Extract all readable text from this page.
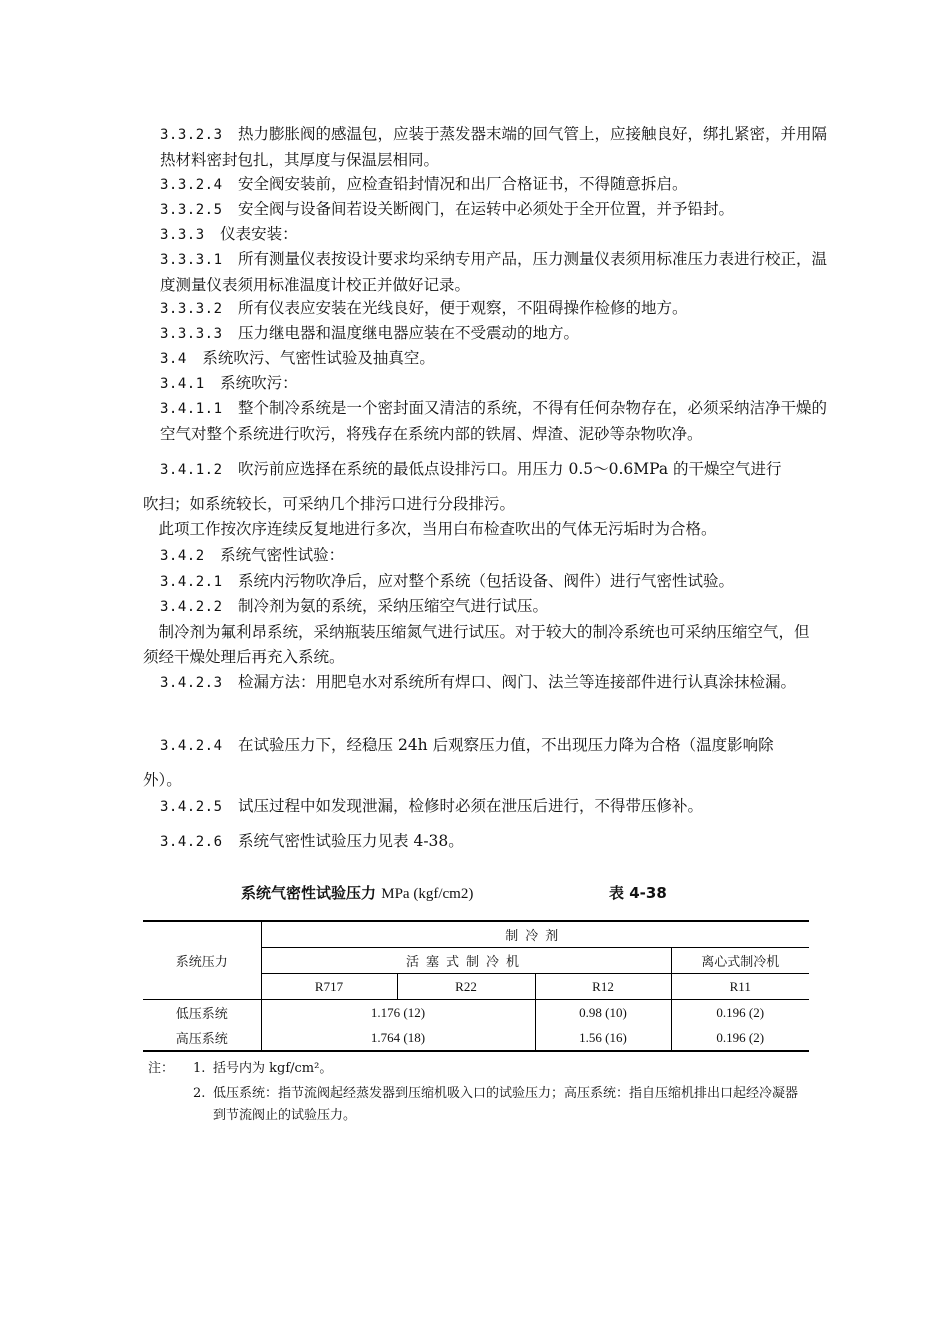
3.3.2.3　 热力膨胀阀的感温包，应装于蒸发器末端的回气管上，应接触良好，绑扎紧密，并用隔热材料密封包扎，其厚度与保温层相同。

3.3.2.4　 安全阀安装前，应检查铅封情况和出厂合格证书，不得随意拆启。

3.3.2.5　 安全阀与设备间若设关断阀门，在运转中必须处于全开位置，并予铅封。

3.3.3　 仪表安装：

3.3.3.1　 所有测量仪表按设计要求均采纳专用产品，压力测量仪表须用标准压力表进行校正，温度测量仪表须用标准温度计校正并做好记录。

3.3.3.2　 所有仪表应安装在光线良好，便于观察，不阻碍操作检修的地方。

3.3.3.3　 压力继电器和温度继电器应装在不受震动的地方。

3.4　 系统吹污、气密性试验及抽真空。

3.4.1　 系统吹污：

3.4.1.1　 整个制冷系统是一个密封面又清洁的系统，不得有任何杂物存在，必须采纳洁净干燥的空气对整个系统进行吹污，将残存在系统内部的铁屑、焊渣、泥砂等杂物吹净。

3.4.1.2　 吹污前应选择在系统的最低点设排污口。用压力 0.5～0.6MPa 的干燥空气进行

吹扫；如系统较长，可采纳几个排污口进行分段排污。

　此项工作按次序连续反复地进行多次，当用白布检查吹出的气体无污垢时为合格。

3.4.2　 系统气密性试验：

3.4.2.1　 系统内污物吹净后，应对整个系统（包括设备、阀件）进行气密性试验。

3.4.2.2　 制冷剂为氨的系统，采纳压缩空气进行试压。

　制冷剂为氟利昂系统，采纳瓶装压缩氮气进行试压。对于较大的制冷系统也可采纳压缩空气，但须经干燥处理后再充入系统。

3.4.2.3　 检漏方法：用肥皂水对系统所有焊口、阀门、法兰等连接部件进行认真涂抹检漏。

3.4.2.4　 在试验压力下，经稳压 24h 后观察压力值，不出现压力降为合格（温度影响除

外）。

3.4.2.5　 试压过程中如发现泄漏，检修时必须在泄压后进行，不得带压修补。

3.4.2.6　 系统气密性试验压力见表 4-38。

系统气密性试验压力 MPa (kgf/cm2)	表 4-38
系统压力	制冷剂			
	活塞式制冷机			离心式制冷机
	R717	R22	R12	R11
低压系统	1.176 (12)		0.98 (10)	0.196 (2)
高压系统	1.764 (18)		1.56 (16)	0.196 (2)
注： 1. 括号内为 kgf/cm²。
2. 低压系统：指节流阀起经蒸发器到压缩机吸入口的试验压力；高压系统：指自压缩机排出口起经冷凝器到节流阀止的试验压力。
